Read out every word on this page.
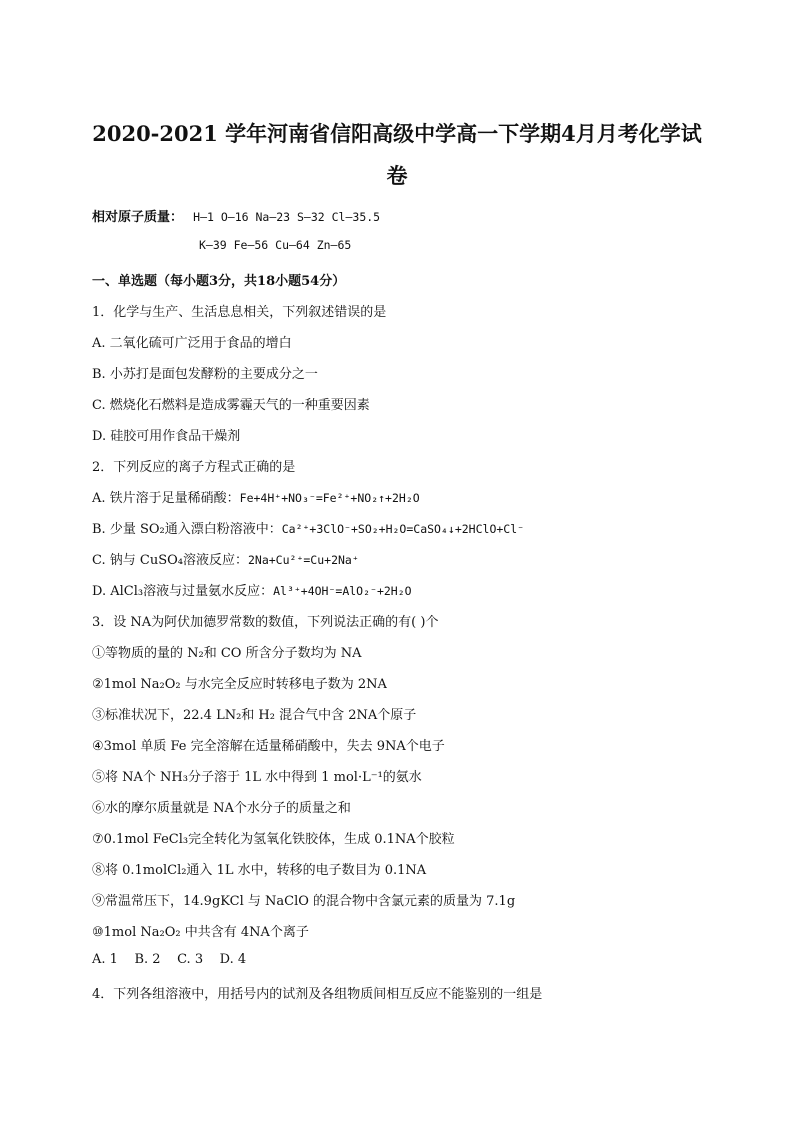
2020-2021 学年河南省信阳高级中学高一下学期4月月考化学试
卷
相对原子质量： H—1 O—16 Na—23 S—32 Cl—35.5
K—39 Fe—56 Cu—64 Zn—65
一、单选题（每小题3分，共18小题54分）
1．化学与生产、生活息息相关，下列叙述错误的是
A. 二氧化硫可广泛用于食品的增白
B. 小苏打是面包发酵粉的主要成分之一
C. 燃烧化石燃料是造成雾霾天气的一种重要因素
D. 硅胶可用作食品干燥剂
2．下列反应的离子方程式正确的是
A. 铁片溶于足量稀硝酸：Fe+4H⁺+NO₃⁻=Fe²⁺+NO₂↑+2H₂O
B. 少量 SO₂通入漂白粉溶液中：Ca²⁺+3ClO⁻+SO₂+H₂O=CaSO₄↓+2HClO+Cl⁻
C. 钠与 CuSO₄溶液反应：2Na+Cu²⁺=Cu+2Na⁺
D. AlCl₃溶液与过量氨水反应：Al³⁺+4OH⁻=AlO₂⁻+2H₂O
3．设 NA为阿伏加德罗常数的数值，下列说法正确的有( )个
①等物质的量的 N₂和 CO 所含分子数均为 NA
②1mol Na₂O₂ 与水完全反应时转移电子数为 2NA
③标准状况下，22.4 LN₂和 H₂ 混合气中含 2NA个原子
④3mol 单质 Fe 完全溶解在适量稀硝酸中，失去 9NA个电子
⑤将 NA个 NH₃分子溶于 1L 水中得到 1 mol·L⁻¹的氨水
⑥水的摩尔质量就是 NA个水分子的质量之和
⑦0.1mol FeCl₃完全转化为氢氧化铁胶体，生成 0.1NA个胶粒
⑧将 0.1molCl₂通入 1L 水中，转移的电子数目为 0.1NA
⑨常温常压下，14.9gKCl 与 NaClO 的混合物中含氯元素的质量为 7.1g
⑩1mol Na₂O₂ 中共含有 4NA个离子
A. 1    B. 2    C. 3    D. 4
4．下列各组溶液中，用括号内的试剂及各组物质间相互反应不能鉴别的一组是
